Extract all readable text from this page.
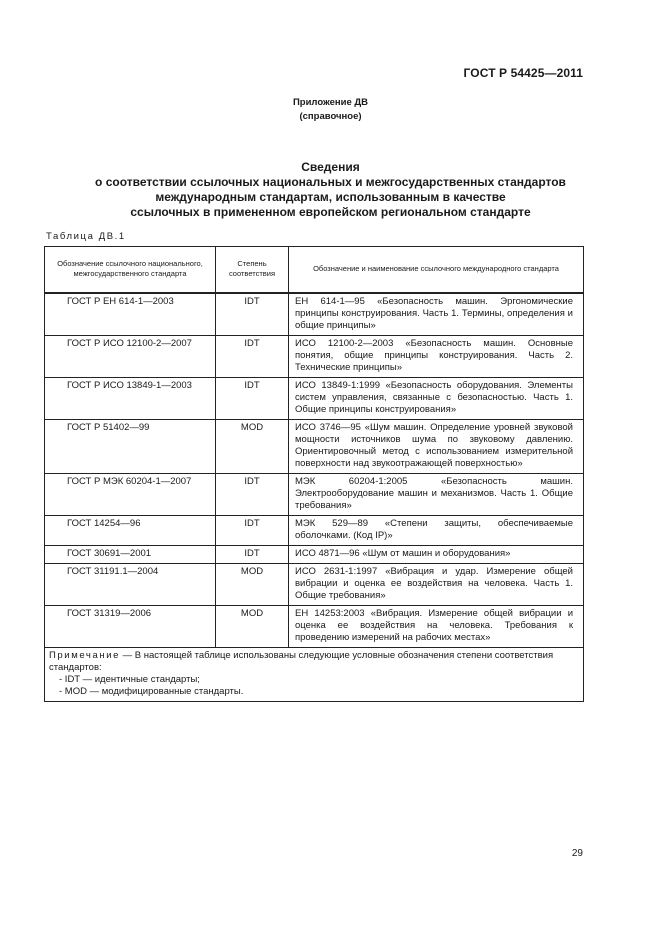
ГОСТ Р 54425—2011
Приложение ДВ
(справочное)
Сведения
о соответствии ссылочных национальных и межгосударственных стандартов
международным стандартам, использованным в качестве
ссылочных в примененном европейском региональном стандарте
Таблица ДВ.1
Обозначение ссылочного национального, межгосударственного стандарта	Степень соответствия	Обозначение и наименование ссылочного международного стандарта
ГОСТ Р ЕН 614-1—2003	IDT	ЕН 614-1—95 «Безопасность машин. Эргономические принципы конструирования. Часть 1. Термины, определения и общие принципы»
ГОСТ Р ИСО 12100-2—2007	IDT	ИСО 12100-2—2003 «Безопасность машин. Основные понятия, общие принципы конструирования. Часть 2. Технические принципы»
ГОСТ Р ИСО 13849-1—2003	IDT	ИСО 13849-1:1999 «Безопасность оборудования. Элементы систем управления, связанные с безопасностью. Часть 1. Общие принципы конструирования»
ГОСТ Р 51402—99	MOD	ИСО 3746—95 «Шум машин. Определение уровней звуковой мощности источников шума по звуковому давлению. Ориентировочный метод с использованием измерительной поверхности над звукоотражающей поверхностью»
ГОСТ Р МЭК 60204-1—2007	IDT	МЭК 60204-1:2005 «Безопасность машин. Электрооборудование машин и механизмов. Часть 1. Общие требования»
ГОСТ 14254—96	IDT	МЭК 529—89 «Степени защиты, обеспечиваемые оболочками. (Код IP)»
ГОСТ 30691—2001	IDT	ИСО 4871—96 «Шум от машин и оборудования»
ГОСТ 31191.1—2004	MOD	ИСО 2631-1:1997 «Вибрация и удар. Измерение общей вибрации и оценка ее воздействия на человека. Часть 1. Общие требования»
ГОСТ 31319—2006	MOD	ЕН 14253:2003 «Вибрация. Измерение общей вибрации и оценка ее воздействия на человека. Требования к проведению измерений на рабочих местах»

Примечание — В настоящей таблице использованы следующие условные обозначения степени соответствия стандартов:
- IDT — идентичные стандарты;
- MOD — модифицированные стандарты.		
29
